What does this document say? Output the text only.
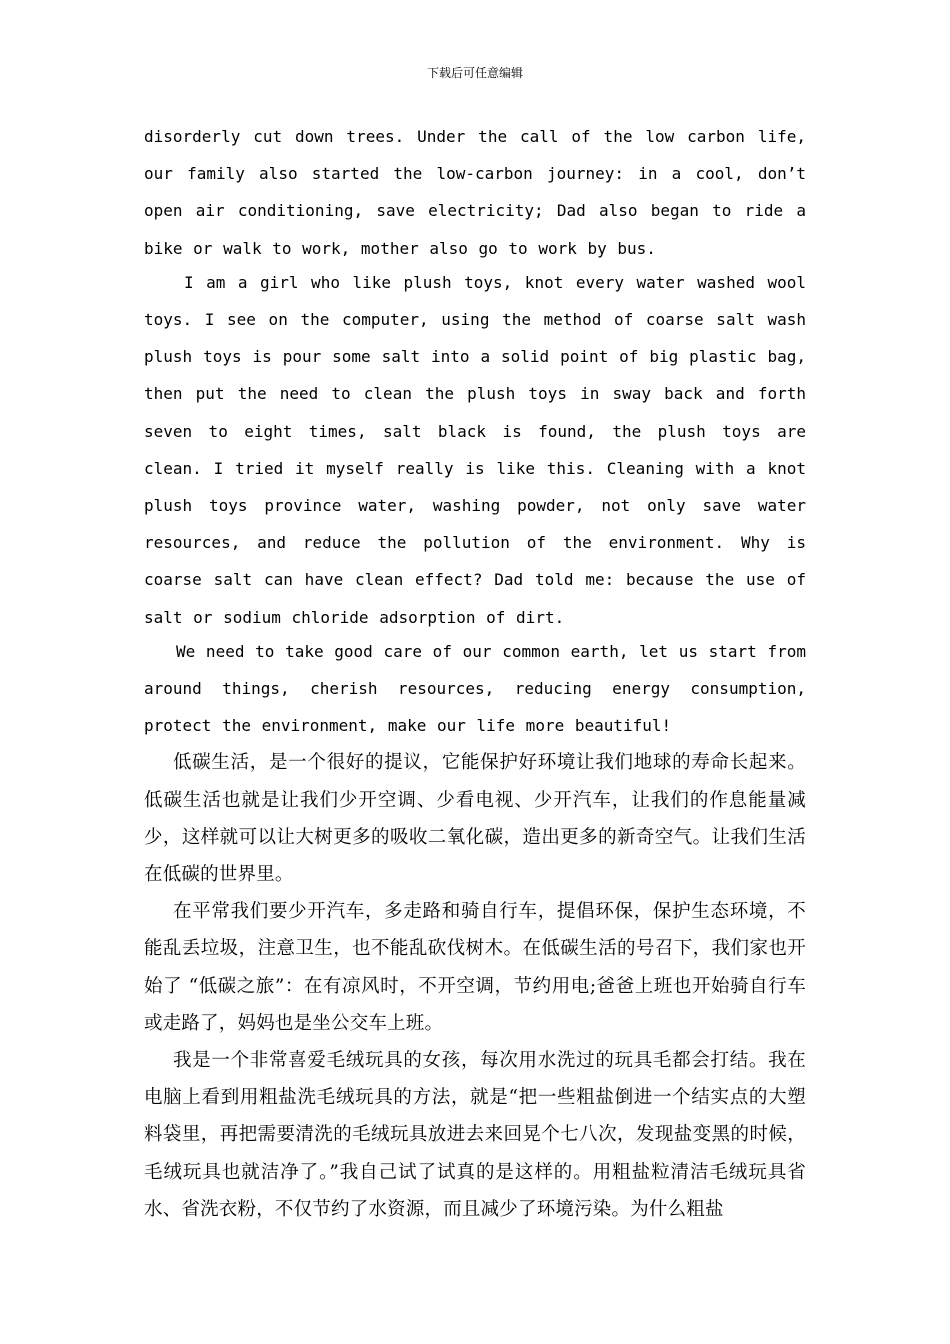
下载后可任意编辑

disorderly cut down trees. Under the call of the low carbon life, our family also started the low-carbon journey: in a cool, don’t open air conditioning, save electricity; Dad also began to ride a bike or walk to work, mother also go to work by bus.

I am a girl who like plush toys, knot every water washed wool toys. I see on the computer, using the method of coarse salt wash plush toys is pour some salt into a solid point of big plastic bag, then put the need to clean the plush toys in sway back and forth seven to eight times, salt black is found, the plush toys are clean. I tried it myself really is like this. Cleaning with a knot plush toys province water, washing powder, not only save water resources, and reduce the pollution of the environment. Why is coarse salt can have clean effect? Dad told me: because the use of salt or sodium chloride adsorption of dirt.

We need to take good care of our common earth, let us start from around things, cherish resources, reducing energy consumption, protect the environment, make our life more beautiful!

低碳生活，是一个很好的提议，它能保护好环境让我们地球的寿命长起来。低碳生活也就是让我们少开空调、少看电视、少开汽车，让我们的作息能量减少，这样就可以让大树更多的吸收二氧化碳，造出更多的新奇空气。让我们生活在低碳的世界里。

在平常我们要少开汽车，多走路和骑自行车，提倡环保，保护生态环境，不能乱丢垃圾，注意卫生，也不能乱砍伐树木。在低碳生活的号召下，我们家也开始了 “低碳之旅”：在有凉风时，不开空调，节约用电;爸爸上班也开始骑自行车或走路了，妈妈也是坐公交车上班。

我是一个非常喜爱毛绒玩具的女孩，每次用水洗过的玩具毛都会打结。我在电脑上看到用粗盐洗毛绒玩具的方法，就是“把一些粗盐倒进一个结实点的大塑料袋里，再把需要清洗的毛绒玩具放进去来回晃个七八次，发现盐变黑的时候，毛绒玩具也就洁净了。”我自己试了试真的是这样的。用粗盐粒清洁毛绒玩具省水、省洗衣粉，不仅节约了水资源，而且减少了环境污染。为什么粗盐
